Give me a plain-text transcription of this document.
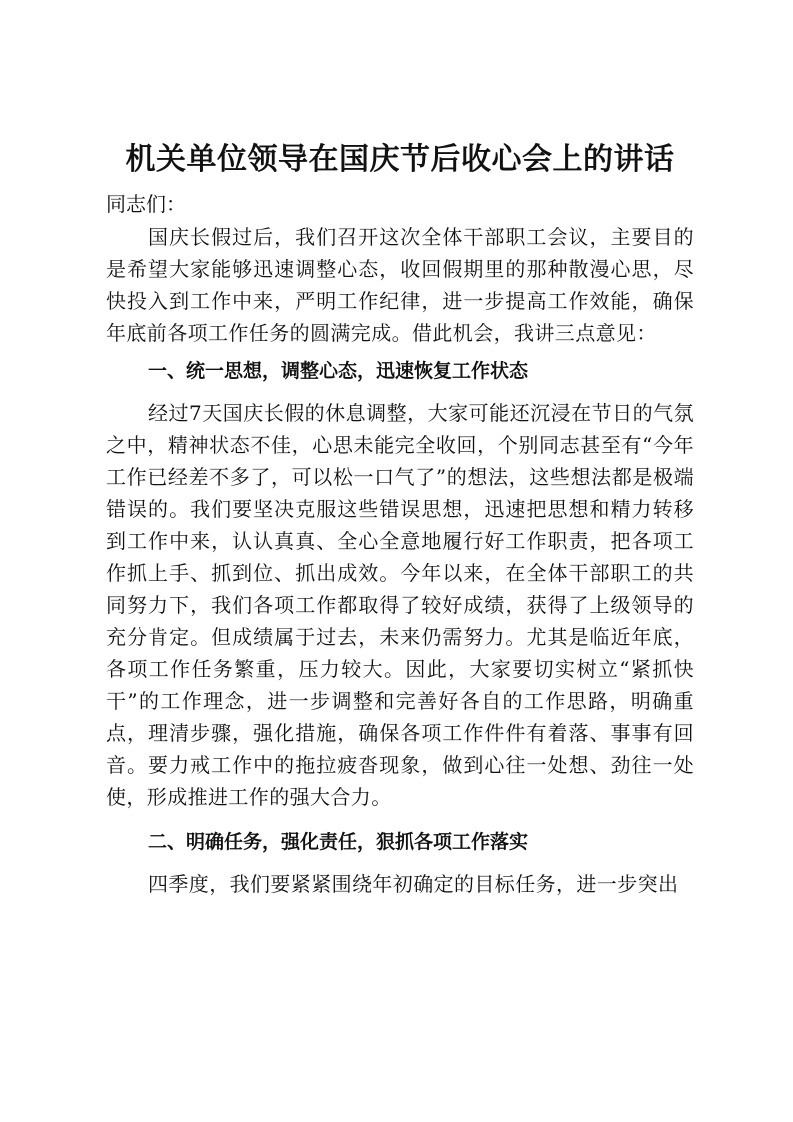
机关单位领导在国庆节后收心会上的讲话

同志们：

国庆长假过后，我们召开这次全体干部职工会议，主要目的是希望大家能够迅速调整心态，收回假期里的那种散漫心思，尽快投入到工作中来，严明工作纪律，进一步提高工作效能，确保年底前各项工作任务的圆满完成。借此机会，我讲三点意见：

一、统一思想，调整心态，迅速恢复工作状态

经过7天国庆长假的休息调整，大家可能还沉浸在节日的气氛之中，精神状态不佳，心思未能完全收回，个别同志甚至有“今年工作已经差不多了，可以松一口气了”的想法，这些想法都是极端错误的。我们要坚决克服这些错误思想，迅速把思想和精力转移到工作中来，认认真真、全心全意地履行好工作职责，把各项工作抓上手、抓到位、抓出成效。今年以来，在全体干部职工的共同努力下，我们各项工作都取得了较好成绩，获得了上级领导的充分肯定。但成绩属于过去，未来仍需努力。尤其是临近年底，各项工作任务繁重，压力较大。因此，大家要切实树立“紧抓快干”的工作理念，进一步调整和完善好各自的工作思路，明确重点，理清步骤，强化措施，确保各项工作件件有着落、事事有回音。要力戒工作中的拖拉疲沓现象，做到心往一处想、劲往一处使，形成推进工作的强大合力。

二、明确任务，强化责任，狠抓各项工作落实

四季度，我们要紧紧围绕年初确定的目标任务，进一步突出
